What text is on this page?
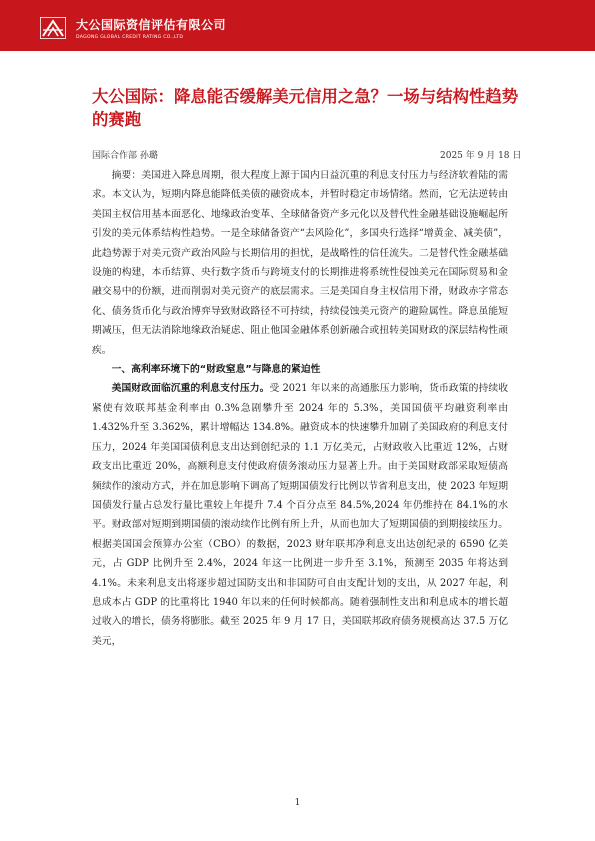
大公国际资信评估有限公司
DAGONG GLOBAL CREDIT RATING CO.,LTD
大公国际：降息能否缓解美元信用之急？一场与结构性趋势的赛跑
国际合作部 孙璐	2025 年 9 月 18 日

摘要：美国进入降息周期，很大程度上源于国内日益沉重的利息支付压力与经济软着陆的需求。本文认为，短期内降息能降低美债的融资成本，并暂时稳定市场情绪。然而，它无法逆转由美国主权信用基本面恶化、地缘政治变革、全球储备资产多元化以及替代性金融基础设施崛起所引发的美元体系结构性趋势。一是全球储备资产“去风险化”，多国央行选择“增黄金、减美债”，此趋势源于对美元资产政治风险与长期信用的担忧，是战略性的信任流失。二是替代性金融基础设施的构建，本币结算、央行数字货币与跨境支付的长期推进将系统性侵蚀美元在国际贸易和金融交易中的份额，进而削弱对美元资产的底层需求。三是美国自身主权信用下滑，财政赤字常态化、债务货币化与政治博弈导致财政路径不可持续，持续侵蚀美元资产的避险属性。降息虽能短期减压，但无法消除地缘政治疑虑、阻止他国金融体系创新融合或扭转美国财政的深层结构性顽疾。

一、高利率环境下的“财政窒息”与降息的紧迫性

美国财政面临沉重的利息支付压力。受 2021 年以来的高通胀压力影响，货币政策的持续收紧使有效联邦基金利率由 0.3%急剧攀升至 2024 年的 5.3%，美国国债平均融资利率由 1.432%升至 3.362%，累计增幅达 134.8%。融资成本的快速攀升加剧了美国政府的利息支付压力，2024 年美国国债利息支出达到创纪录的 1.1 万亿美元，占财政收入比重近 12%，占财政支出比重近 20%，高额利息支付使政府债务滚动压力显著上升。由于美国财政部采取短债高频续作的滚动方式，并在加息影响下调高了短期国债发行比例以节省利息支出，使 2023 年短期国债发行量占总发行量比重较上年提升 7.4 个百分点至 84.5%,2024 年仍维持在 84.1%的水平。财政部对短期到期国债的滚动续作比例有所上升，从而也加大了短期国债的到期接续压力。根据美国国会预算办公室（CBO）的数据，2023 财年联邦净利息支出达创纪录的 6590 亿美元，占 GDP 比例升至 2.4%，2024 年这一比例进一步升至 3.1%，预测至 2035 年将达到 4.1%。未来利息支出将逐步超过国防支出和非国防可自由支配计划的支出，从 2027 年起，利息成本占 GDP 的比重将比 1940 年以来的任何时候都高。随着强制性支出和利息成本的增长超过收入的增长，债务将膨胀。截至 2025 年 9 月 17 日，美国联邦政府债务规模高达 37.5 万亿美元，

1
